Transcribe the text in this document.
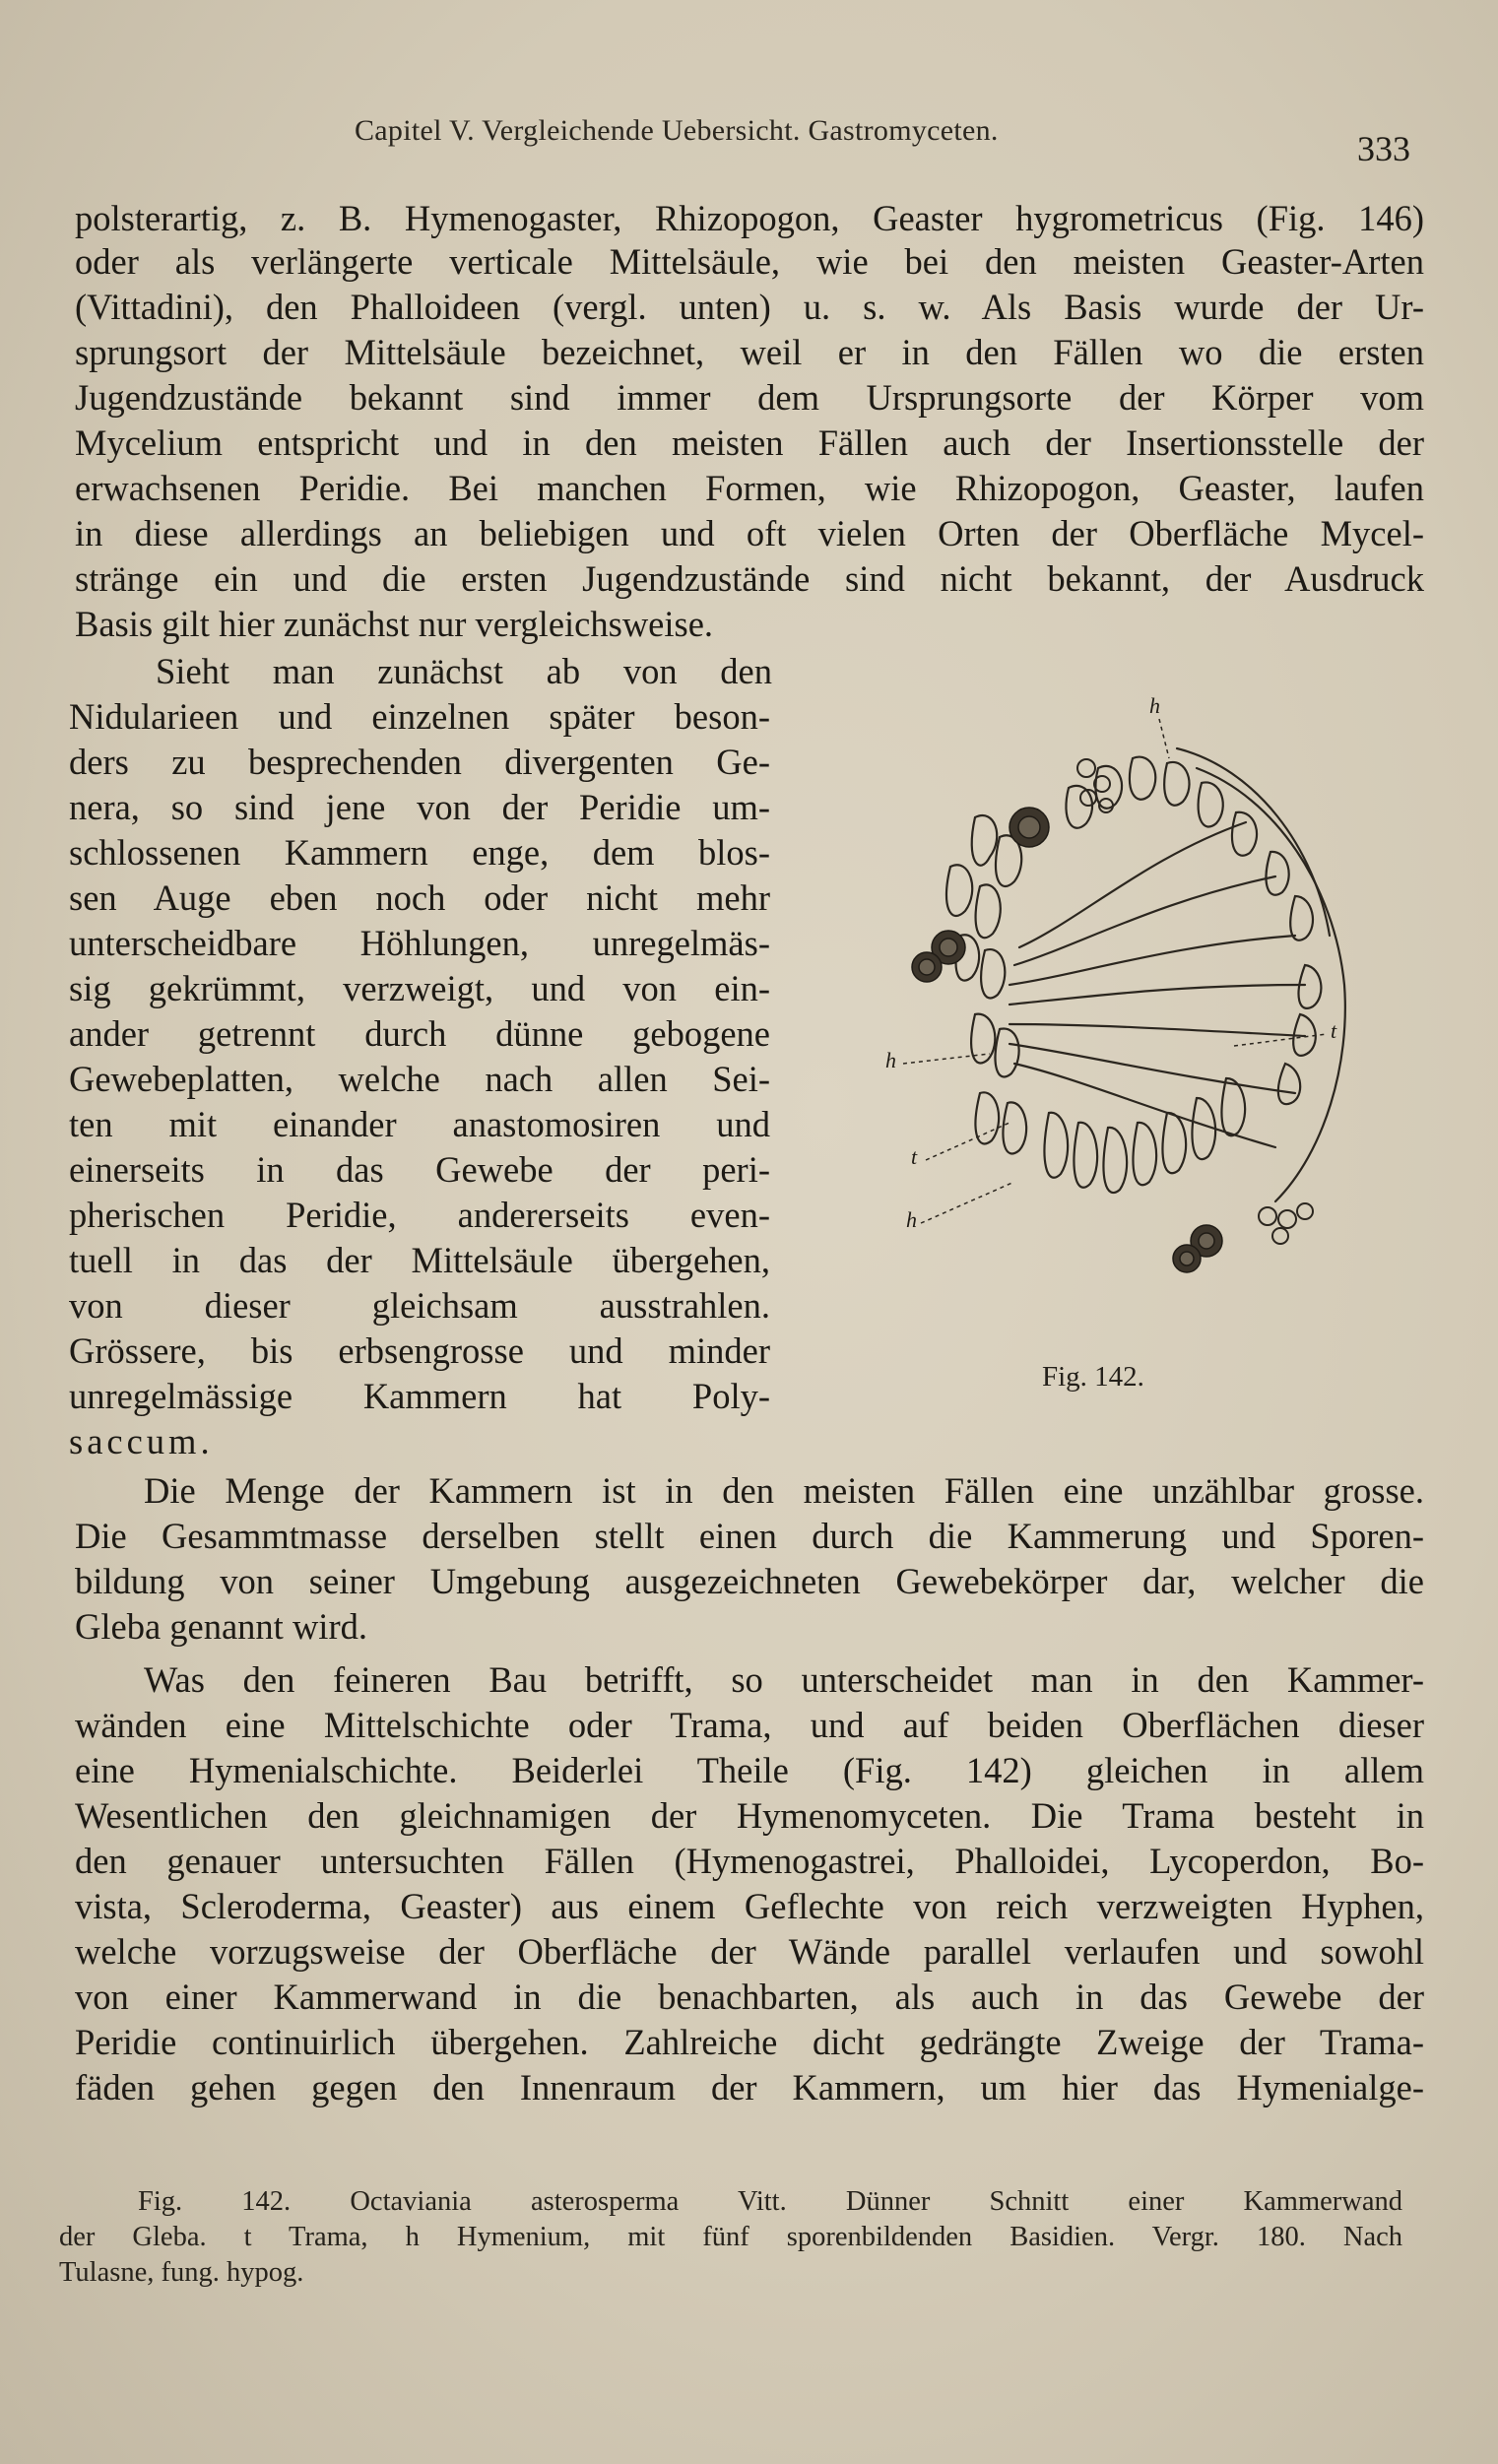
Capitel V. Vergleichende Uebersicht. Gastromyceten.	333
polsterartig, z. B. Hymenogaster, Rhizopogon, Geaster hygrometricus (Fig. 146)
oder als verlängerte verticale Mittelsäule, wie bei den meisten Geaster-Arten
(Vittadini), den Phalloideen (vergl. unten) u. s. w. Als Basis wurde der Ur-
sprungsort der Mittelsäule bezeichnet, weil er in den Fällen wo die ersten
Jugendzustände bekannt sind immer dem Ursprungsorte der Körper vom
Mycelium entspricht und in den meisten Fällen auch der Insertionsstelle der
erwachsenen Peridie. Bei manchen Formen, wie Rhizopogon, Geaster, laufen
in diese allerdings an beliebigen und oft vielen Orten der Oberfläche Mycel-
stränge ein und die ersten Jugendzustände sind nicht bekannt, der Ausdruck
Basis gilt hier zunächst nur vergleichsweise.
Sieht man zunächst ab von den
Nidularieen und einzelnen später beson-
ders zu besprechenden divergenten Ge-
nera, so sind jene von der Peridie um-
schlossenen Kammern enge, dem blos-
sen Auge eben noch oder nicht mehr
unterscheidbare Höhlungen, unregelmäs-
sig gekrümmt, verzweigt, und von ein-
ander getrennt durch dünne gebogene
Gewebeplatten, welche nach allen Sei-
ten mit einander anastomosiren und
einerseits in das Gewebe der peri-
pherischen Peridie, andererseits even-
tuell in das der Mittelsäule übergehen,
von dieser gleichsam ausstrahlen.
Grössere, bis erbsengrosse und minder
unregelmässige Kammern hat Poly-
saccum.
h
h
t
h
t
Fig. 142.
Die Menge der Kammern ist in den meisten Fällen eine unzählbar grosse.
Die Gesammtmasse derselben stellt einen durch die Kammerung und Sporen-
bildung von seiner Umgebung ausgezeichneten Gewebekörper dar, welcher die
Gleba genannt wird.
Was den feineren Bau betrifft, so unterscheidet man in den Kammer-
wänden eine Mittelschichte oder Trama, und auf beiden Oberflächen dieser
eine Hymenialschichte. Beiderlei Theile (Fig. 142) gleichen in allem
Wesentlichen den gleichnamigen der Hymenomyceten. Die Trama besteht in
den genauer untersuchten Fällen (Hymenogastrei, Phalloidei, Lycoperdon, Bo-
vista, Scleroderma, Geaster) aus einem Geflechte von reich verzweigten Hyphen,
welche vorzugsweise der Oberfläche der Wände parallel verlaufen und sowohl
von einer Kammerwand in die benachbarten, als auch in das Gewebe der
Peridie continuirlich übergehen. Zahlreiche dicht gedrängte Zweige der Trama-
fäden gehen gegen den Innenraum der Kammern, um hier das Hymenialge-
Fig. 142. Octaviania asterosperma Vitt. Dünner Schnitt einer Kammerwand
der Gleba. t Trama, h Hymenium, mit fünf sporenbildenden Basidien. Vergr. 180. Nach
Tulasne, fung. hypog.
